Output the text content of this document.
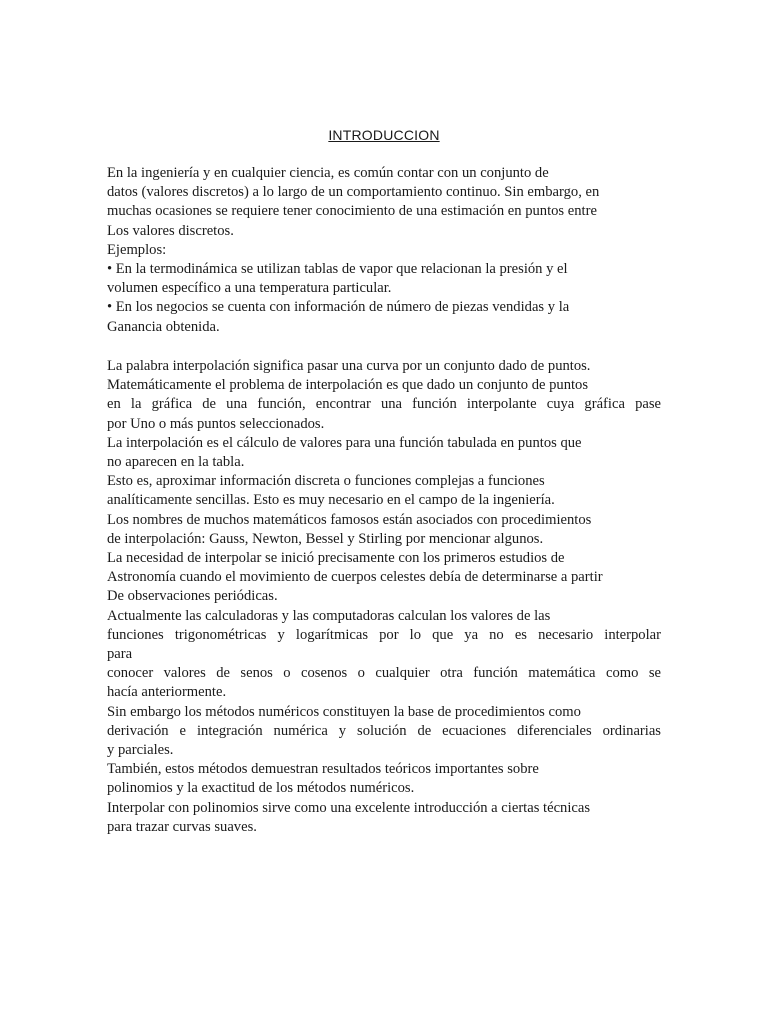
INTRODUCCION
En la ingeniería y en cualquier ciencia, es común contar con un conjunto de
datos (valores discretos) a lo largo de un comportamiento continuo. Sin embargo, en
muchas ocasiones se requiere tener conocimiento de una estimación en puntos entre
Los valores discretos.
Ejemplos:
• En la termodinámica se utilizan tablas de vapor que relacionan la presión y el
volumen específico a una temperatura particular.
• En los negocios se cuenta con información de número de piezas vendidas y la
Ganancia obtenida.
La palabra interpolación significa pasar una curva por un conjunto dado de puntos.
Matemáticamente el problema de interpolación es que dado un conjunto de puntos
en la gráfica de una función, encontrar una función interpolante cuya gráfica pase
por Uno o más puntos seleccionados.
La interpolación es el cálculo de valores para una función tabulada en puntos que
no aparecen en la tabla.
Esto es, aproximar información discreta o funciones complejas a funciones
analíticamente sencillas. Esto es muy necesario en el campo de la ingeniería.
Los nombres de muchos matemáticos famosos están asociados con procedimientos
de interpolación: Gauss, Newton, Bessel y Stirling por mencionar algunos.
La necesidad de interpolar se inició precisamente con los primeros estudios de
Astronomía cuando el movimiento de cuerpos celestes debía de determinarse a partir
De observaciones periódicas.
Actualmente las calculadoras y las computadoras calculan los valores de las
funciones trigonométricas y logarítmicas por lo que ya no es necesario interpolar
para
conocer valores de senos o cosenos o cualquier otra función matemática como se
hacía anteriormente.
Sin embargo los métodos numéricos constituyen la base de procedimientos como
derivación e integración numérica y solución de ecuaciones diferenciales ordinarias
y parciales.
También, estos métodos demuestran resultados teóricos importantes sobre
polinomios y la exactitud de los métodos numéricos.
Interpolar con polinomios sirve como una excelente introducción a ciertas técnicas
para trazar curvas suaves.
